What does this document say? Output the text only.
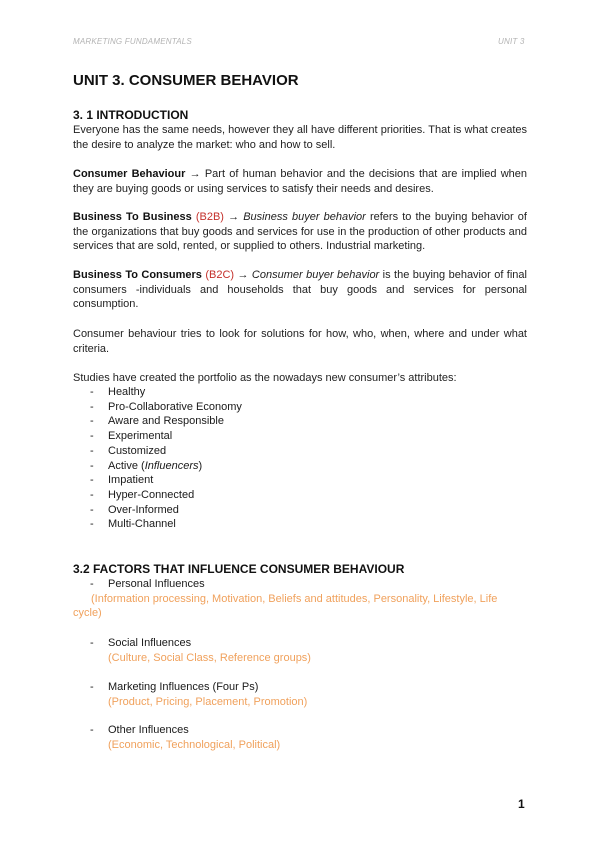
MARKETING FUNDAMENTALS	UNIT 3
UNIT 3. CONSUMER BEHAVIOR
3. 1 INTRODUCTION
Everyone has the same needs, however they all have different priorities. That is what creates the desire to analyze the market: who and how to sell.
Consumer Behaviour → Part of human behavior and the decisions that are implied when they are buying goods or using services to satisfy their needs and desires.
Business To Business (B2B) → Business buyer behavior refers to the buying behavior of the organizations that buy goods and services for use in the production of other products and services that are sold, rented, or supplied to others. Industrial marketing.
Business To Consumers (B2C) → Consumer buyer behavior is the buying behavior of final consumers -individuals and households that buy goods and services for personal consumption.
Consumer behaviour tries to look for solutions for how, who, when, where and under what criteria.
Studies have created the portfolio as the nowadays new consumer’s attributes:
- Healthy
- Pro-Collaborative Economy
- Aware and Responsible
- Experimental
- Customized
- Active (Influencers)
- Impatient
- Hyper-Connected
- Over-Informed
- Multi-Channel
3.2 FACTORS THAT INFLUENCE CONSUMER BEHAVIOUR
- Personal Influences
(Information processing, Motivation, Beliefs and attitudes, Personality, Lifestyle, Life cycle)
- Social Influences
(Culture, Social Class, Reference groups)
- Marketing Influences (Four Ps)
(Product, Pricing, Placement, Promotion)
- Other Influences
(Economic, Technological, Political)
1
